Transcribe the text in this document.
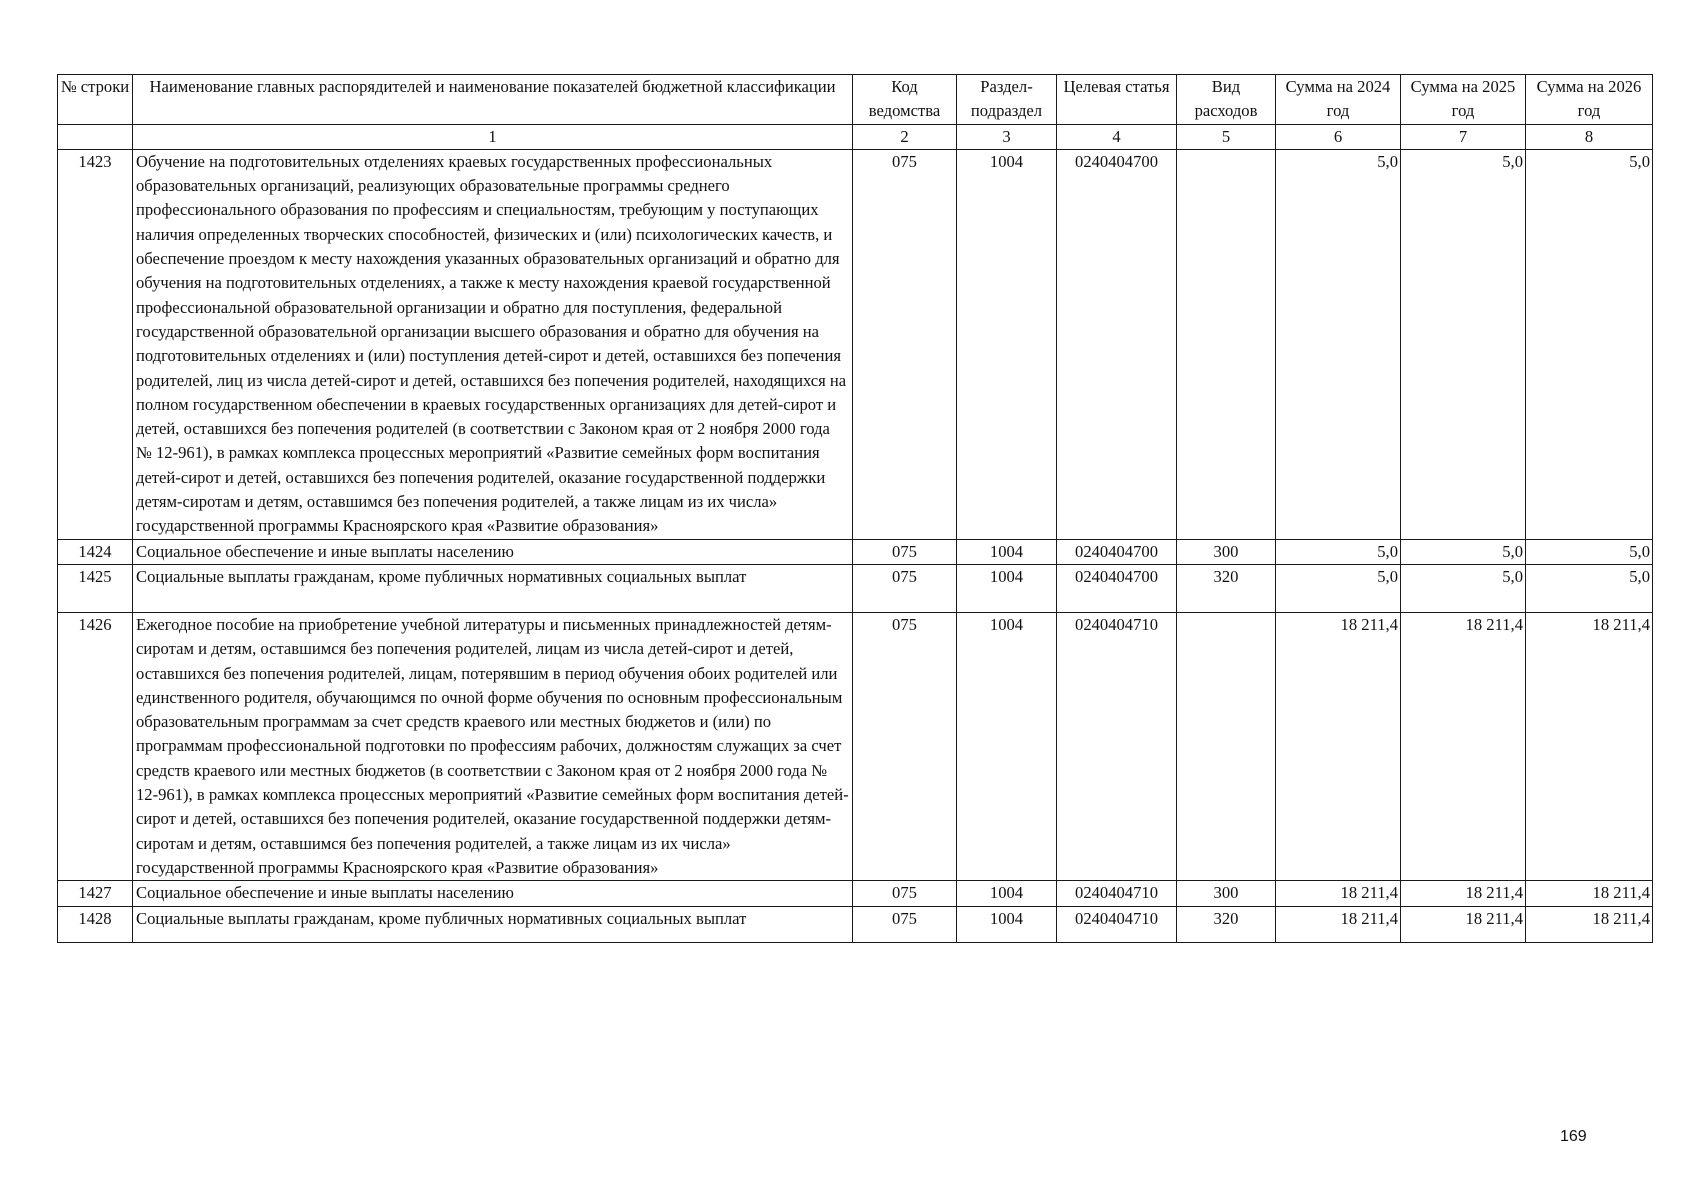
№ строки	Наименование главных распорядителей и наименование показателей бюджетной классификации	Код ведомства	Раздел-подраздел	Целевая статья	Вид расходов	Сумма на 2024 год	Сумма на 2025 год	Сумма на 2026 год
	1	2	3	4	5	6	7	8
1423	Обучение на подготовительных отделениях краевых государственных профессиональных образовательных организаций, реализующих образовательные программы среднего профессионального образования по профессиям и специальностям, требующим у поступающих наличия определенных творческих способностей, физических и (или) психологических качеств, и обеспечение проездом к месту нахождения указанных образовательных организаций и обратно для обучения на подготовительных отделениях, а также к месту нахождения краевой государственной профессиональной образовательной организации и обратно для поступления, федеральной государственной образовательной организации высшего образования и обратно для обучения на подготовительных отделениях и (или) поступления детей-сирот и детей, оставшихся без попечения родителей, лиц из числа детей-сирот и детей, оставшихся без попечения родителей, находящихся на полном государственном обеспечении в краевых государственных организациях для детей-сирот и детей, оставшихся без попечения родителей (в соответствии с Законом края от 2 ноября 2000 года № 12-961), в рамках комплекса процессных мероприятий «Развитие семейных форм воспитания детей-сирот и детей, оставшихся без попечения родителей, оказание государственной поддержки детям-сиротам и детям, оставшимся без попечения родителей, а также лицам из их числа» государственной программы Красноярского края «Развитие образования»	075	1004	0240404700		5,0	5,0	5,0
1424	Социальное обеспечение и иные выплаты населению	075	1004	0240404700	300	5,0	5,0	5,0
1425	Социальные выплаты гражданам, кроме публичных нормативных социальных выплат	075	1004	0240404700	320	5,0	5,0	5,0
1426	Ежегодное пособие на приобретение учебной литературы и письменных принадлежностей детям-сиротам и детям, оставшимся без попечения родителей, лицам из числа детей-сирот и детей, оставшихся без попечения родителей, лицам, потерявшим в период обучения обоих родителей или единственного родителя, обучающимся по очной форме обучения по основным профессиональным образовательным программам за счет средств краевого или местных бюджетов и (или) по программам профессиональной подготовки по профессиям рабочих, должностям служащих за счет средств краевого или местных бюджетов (в соответствии с Законом края от 2 ноября 2000 года № 12-961), в рамках комплекса процессных мероприятий «Развитие семейных форм воспитания детей-сирот и детей, оставшихся без попечения родителей, оказание государственной поддержки детям-сиротам и детям, оставшимся без попечения родителей, а также лицам из их числа» государственной программы Красноярского края «Развитие образования»	075	1004	0240404710		18 211,4	18 211,4	18 211,4
1427	Социальное обеспечение и иные выплаты населению	075	1004	0240404710	300	18 211,4	18 211,4	18 211,4
1428	Социальные выплаты гражданам, кроме публичных нормативных социальных выплат	075	1004	0240404710	320	18 211,4	18 211,4	18 211,4
169
